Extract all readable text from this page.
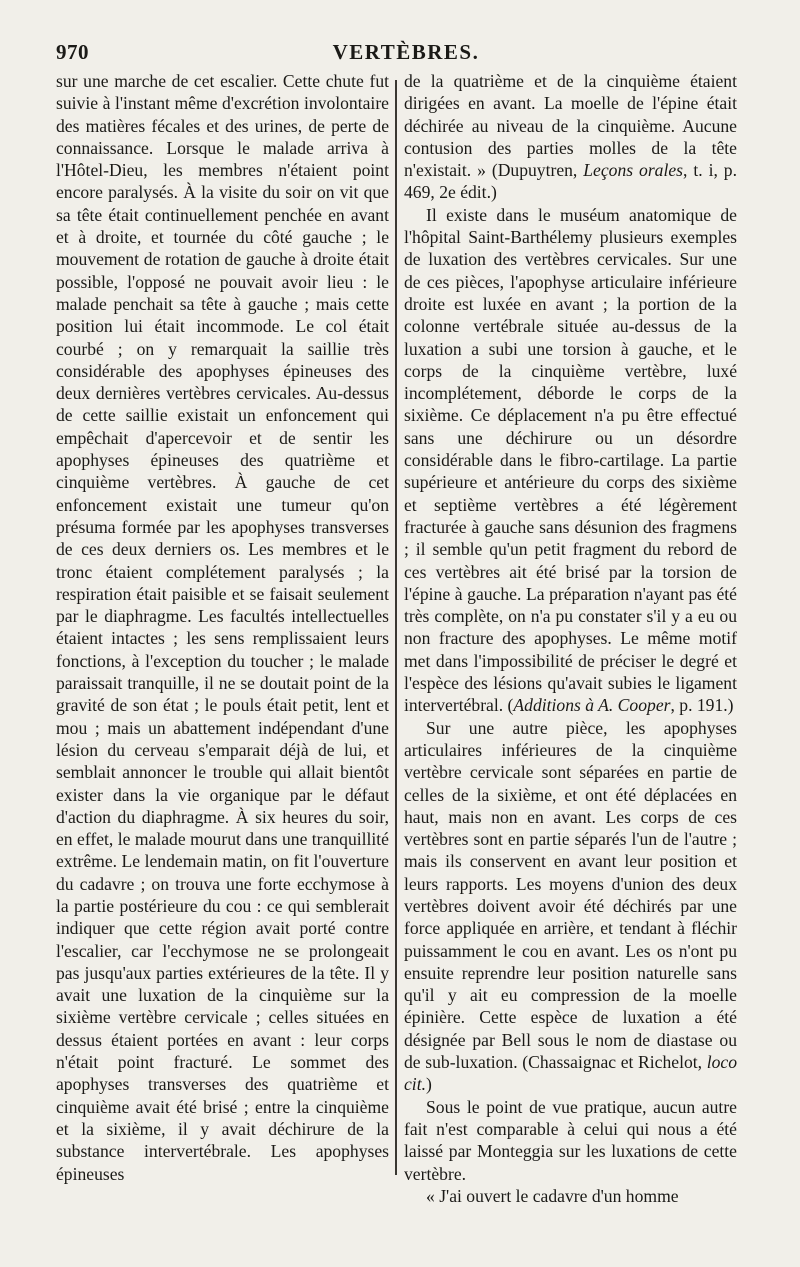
970	VERTÈBRES.

sur une marche de cet escalier. Cette chute fut suivie à l'instant même d'excrétion involontaire des matières fécales et des urines, de perte de connaissance. Lorsque le malade arriva à l'Hôtel-Dieu, les membres n'étaient point encore paralysés. À la visite du soir on vit que sa tête était continuellement penchée en avant et à droite, et tournée du côté gauche ; le mouvement de rotation de gauche à droite était possible, l'opposé ne pouvait avoir lieu : le malade penchait sa tête à gauche ; mais cette position lui était incommode. Le col était courbé ; on y remarquait la saillie très considérable des apophyses épineuses des deux dernières vertèbres cervicales. Au-dessus de cette saillie existait un enfoncement qui empêchait d'apercevoir et de sentir les apophyses épineuses des quatrième et cinquième vertèbres. À gauche de cet enfoncement existait une tumeur qu'on présuma formée par les apophyses transverses de ces deux derniers os. Les membres et le tronc étaient complétement paralysés ; la respiration était paisible et se faisait seulement par le diaphragme. Les facultés intellectuelles étaient intactes ; les sens remplissaient leurs fonctions, à l'exception du toucher ; le malade paraissait tranquille, il ne se doutait point de la gravité de son état ; le pouls était petit, lent et mou ; mais un abattement indépendant d'une lésion du cerveau s'emparait déjà de lui, et semblait annoncer le trouble qui allait bientôt exister dans la vie organique par le défaut d'action du diaphragme. À six heures du soir, en effet, le malade mourut dans une tranquillité extrême. Le lendemain matin, on fit l'ouverture du cadavre ; on trouva une forte ecchymose à la partie postérieure du cou : ce qui semblerait indiquer que cette région avait porté contre l'escalier, car l'ecchymose ne se prolongeait pas jusqu'aux parties extérieures de la tête. Il y avait une luxation de la cinquième sur la sixième vertèbre cervicale ; celles situées en dessus étaient portées en avant : leur corps n'était point fracturé. Le sommet des apophyses transverses des quatrième et cinquième avait été brisé ; entre la cinquième et la sixième, il y avait déchirure de la substance intervertébrale. Les apophyses épineuses

de la quatrième et de la cinquième étaient dirigées en avant. La moelle de l'épine était déchirée au niveau de la cinquième. Aucune contusion des parties molles de la tête n'existait. » (Dupuytren, Leçons orales, t. i, p. 469, 2e édit.)

Il existe dans le muséum anatomique de l'hôpital Saint-Barthélemy plusieurs exemples de luxation des vertèbres cervicales. Sur une de ces pièces, l'apophyse articulaire inférieure droite est luxée en avant ; la portion de la colonne vertébrale située au-dessus de la luxation a subi une torsion à gauche, et le corps de la cinquième vertèbre, luxé incomplétement, déborde le corps de la sixième. Ce déplacement n'a pu être effectué sans une déchirure ou un désordre considérable dans le fibro-cartilage. La partie supérieure et antérieure du corps des sixième et septième vertèbres a été légèrement fracturée à gauche sans désunion des fragmens ; il semble qu'un petit fragment du rebord de ces vertèbres ait été brisé par la torsion de l'épine à gauche. La préparation n'ayant pas été très complète, on n'a pu constater s'il y a eu ou non fracture des apophyses. Le même motif met dans l'impossibilité de préciser le degré et l'espèce des lésions qu'avait subies le ligament intervertébral. (Additions à A. Cooper, p. 191.)

Sur une autre pièce, les apophyses articulaires inférieures de la cinquième vertèbre cervicale sont séparées en partie de celles de la sixième, et ont été déplacées en haut, mais non en avant. Les corps de ces vertèbres sont en partie séparés l'un de l'autre ; mais ils conservent en avant leur position et leurs rapports. Les moyens d'union des deux vertèbres doivent avoir été déchirés par une force appliquée en arrière, et tendant à fléchir puissamment le cou en avant. Les os n'ont pu ensuite reprendre leur position naturelle sans qu'il y ait eu compression de la moelle épinière. Cette espèce de luxation a été désignée par Bell sous le nom de diastase ou de sub-luxation. (Chassaignac et Richelot, loco cit.)

Sous le point de vue pratique, aucun autre fait n'est comparable à celui qui nous a été laissé par Monteggia sur les luxations de cette vertèbre.

« J'ai ouvert le cadavre d'un homme
